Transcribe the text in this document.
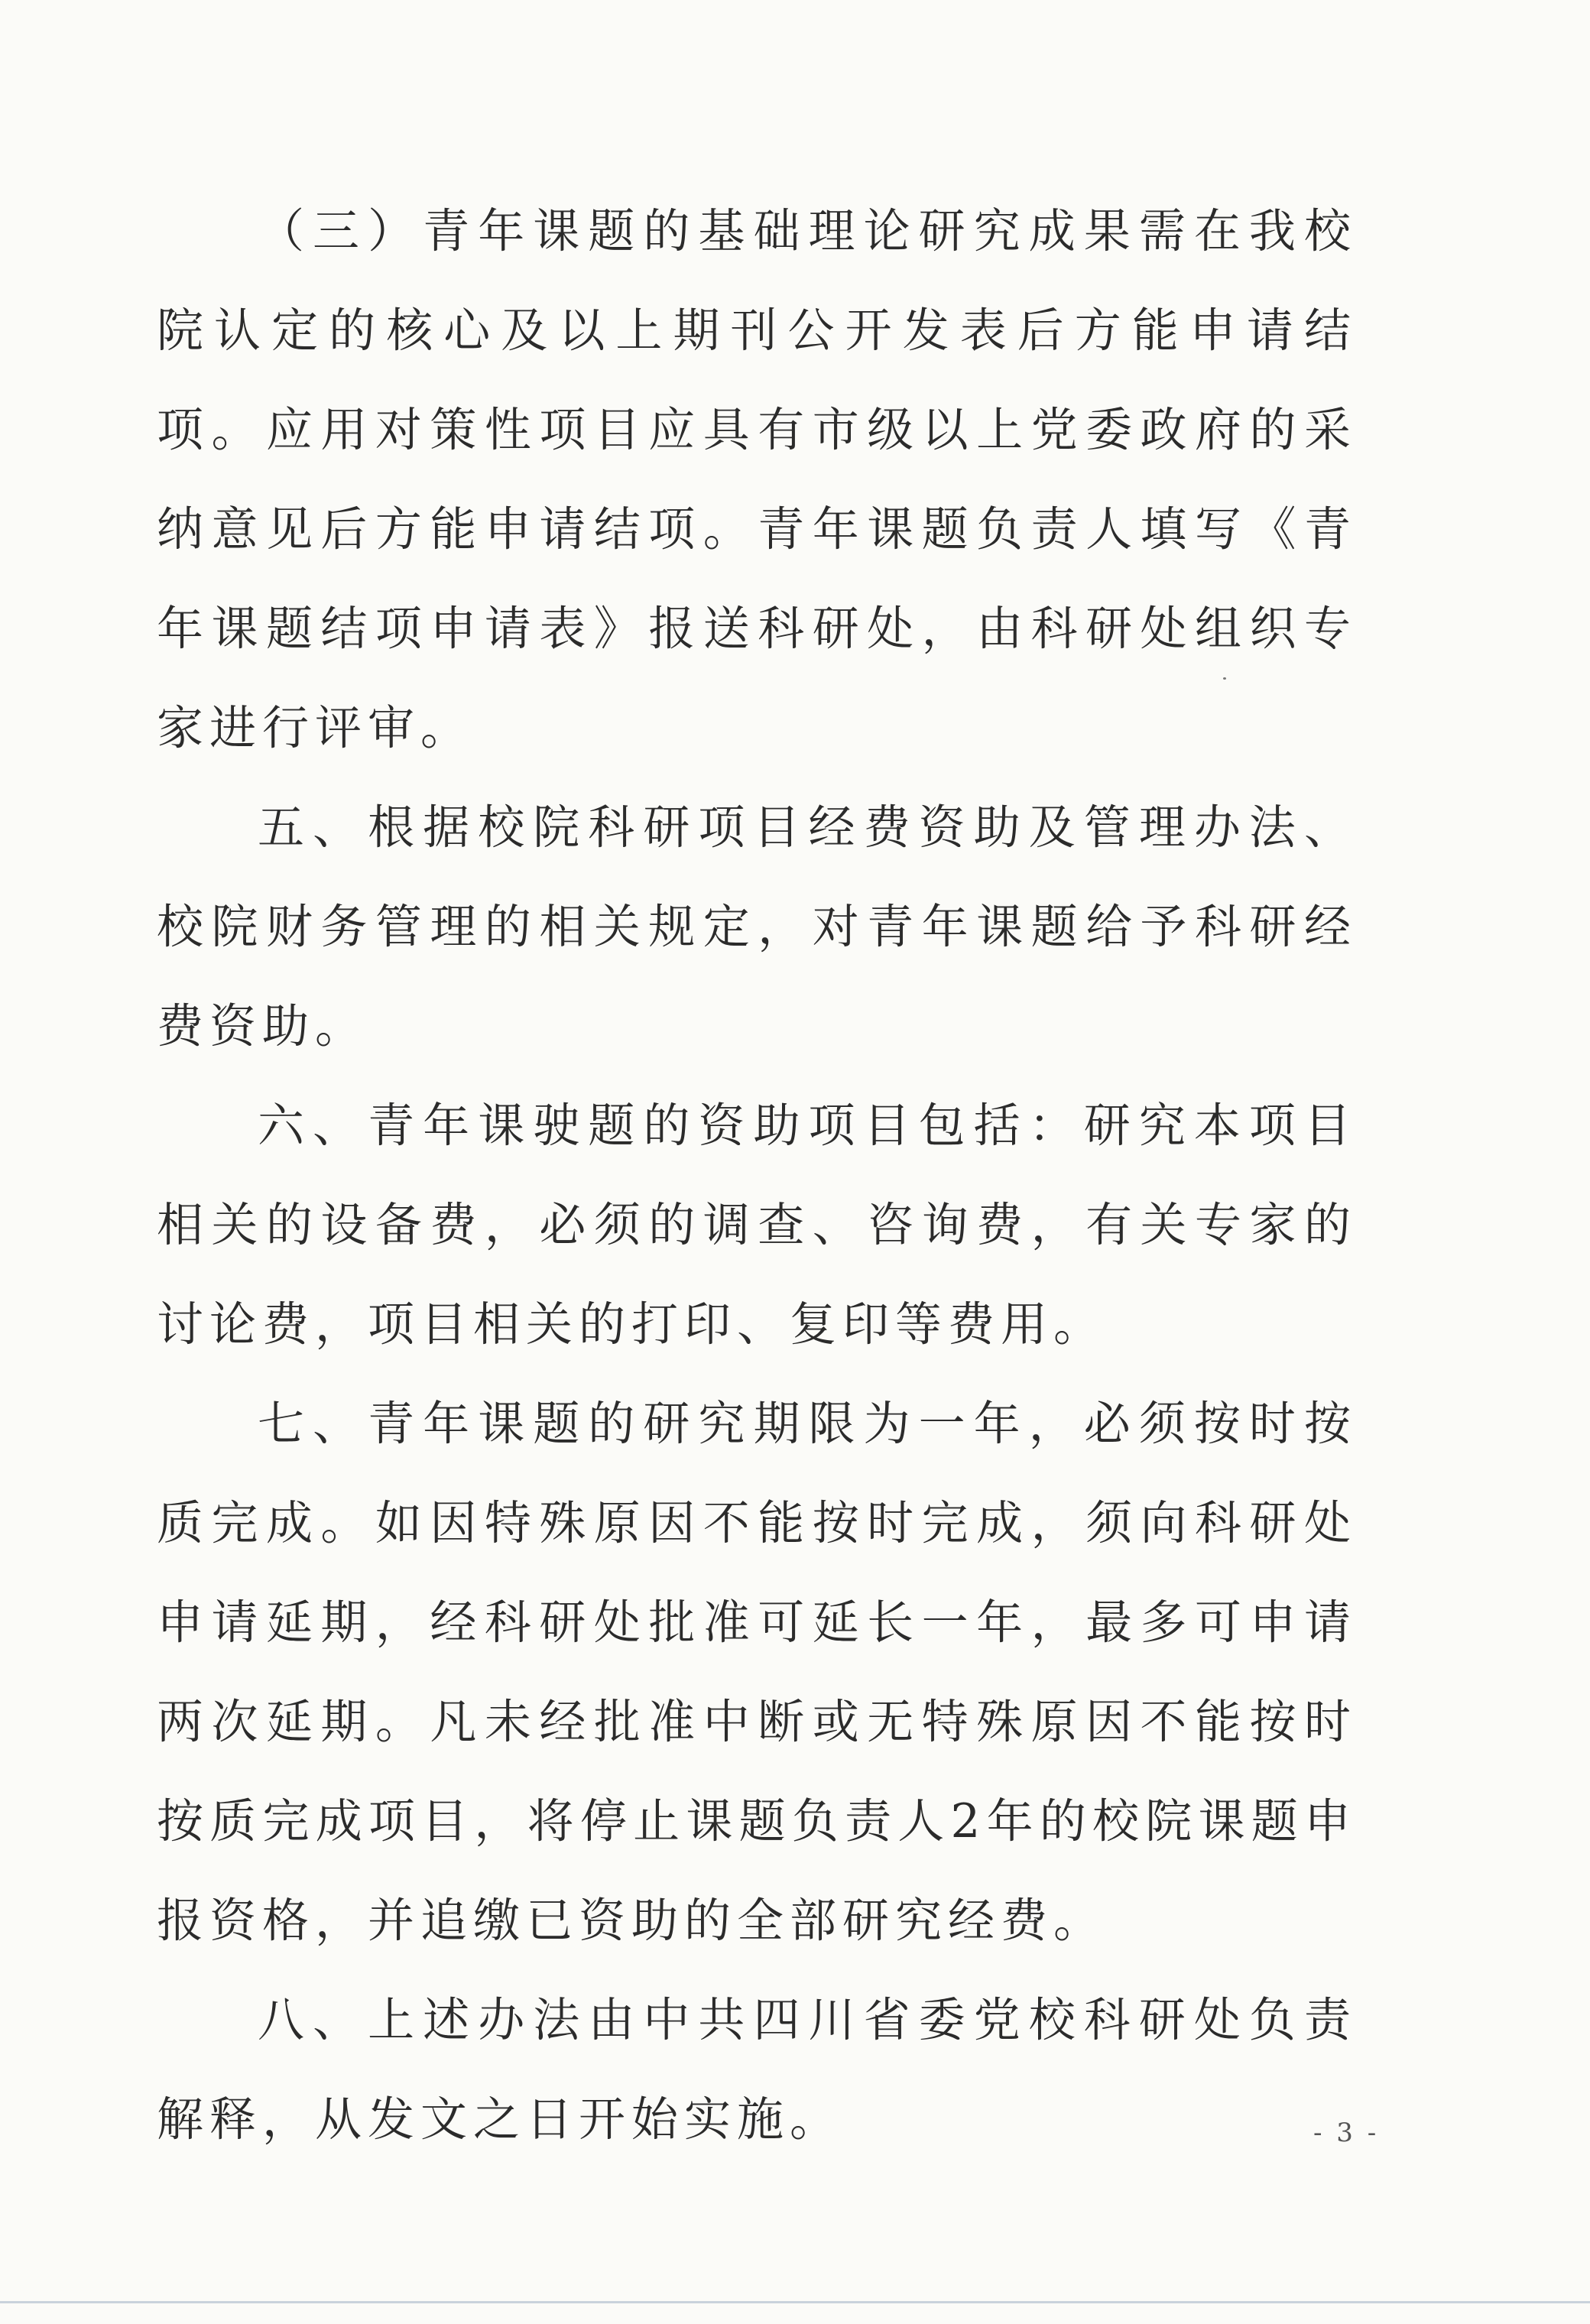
（三）青年课题的基础理论研究成果需在我校院认定的核心及以上期刊公开发表后方能申请结项。应用对策性项目应具有市级以上党委政府的采纳意见后方能申请结项。青年课题负责人填写《青年课题结项申请表》报送科研处，由科研处组织专家进行评审。

五、根据校院科研项目经费资助及管理办法、校院财务管理的相关规定，对青年课题给予科研经费资助。

六、青年课驶题的资助项目包括：研究本项目相关的设备费，必须的调查、咨询费，有关专家的讨论费，项目相关的打印、复印等费用。

七、青年课题的研究期限为一年，必须按时按质完成。如因特殊原因不能按时完成，须向科研处申请延期，经科研处批准可延长一年，最多可申请两次延期。凡未经批准中断或无特殊原因不能按时按质完成项目，将停止课题负责人2年的校院课题申报资格，并追缴已资助的全部研究经费。

八、上述办法由中共四川省委党校科研处负责解释，从发文之日开始实施。	- 3 -
